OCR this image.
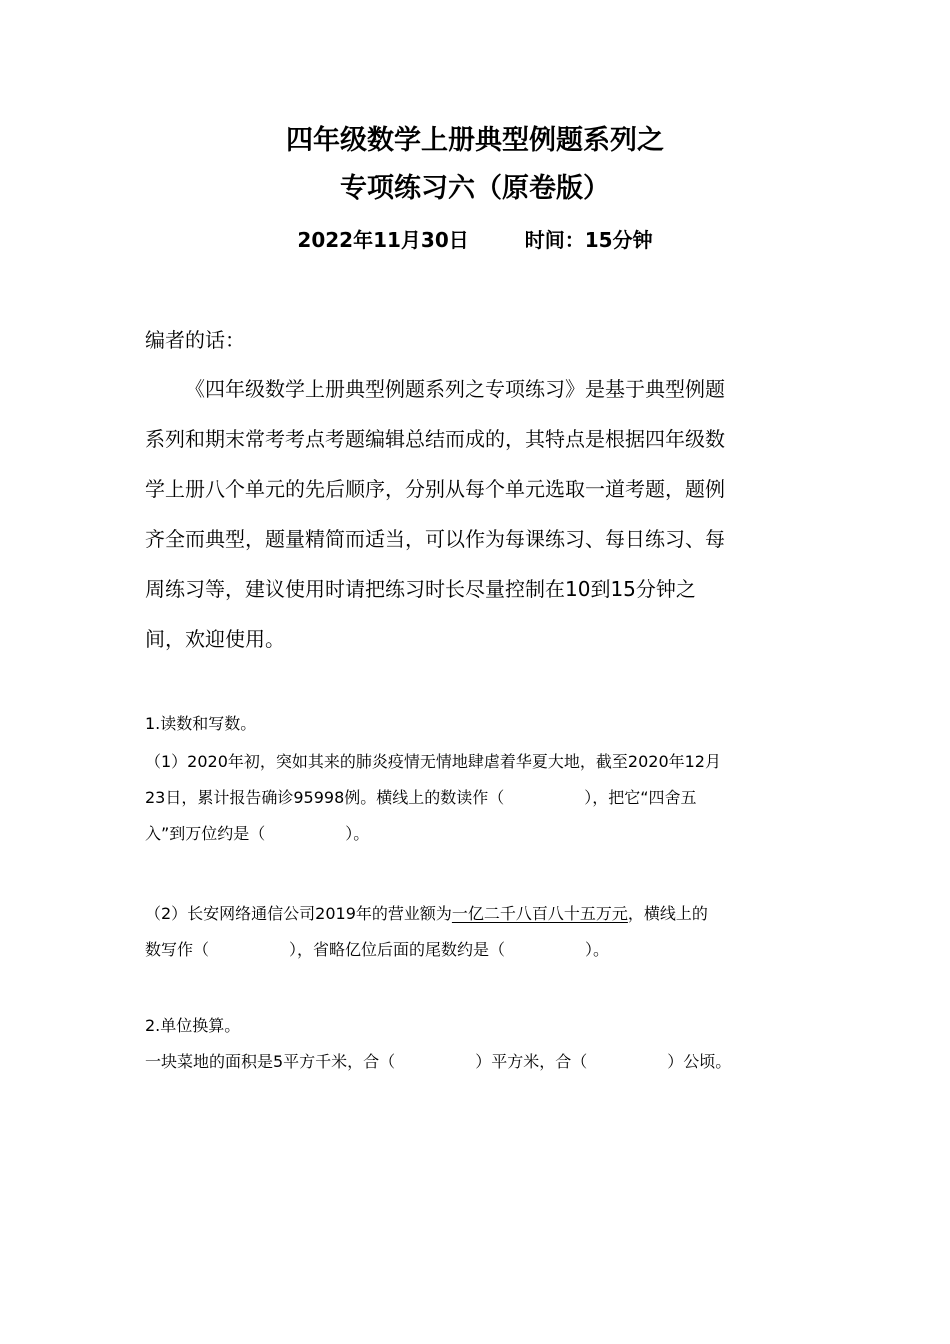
四年级数学上册典型例题系列之
专项练习六（原卷版）
2022年11月30日	时间：15分钟
编者的话：
《四年级数学上册典型例题系列之专项练习》是基于典型例题
系列和期末常考考点考题编辑总结而成的，其特点是根据四年级数
学上册八个单元的先后顺序，分别从每个单元选取一道考题，题例
齐全而典型，题量精简而适当，可以作为每课练习、每日练习、每
周练习等，建议使用时请把练习时长尽量控制在10到15分钟之
间，欢迎使用。
1.读数和写数。
（1）2020年初，突如其来的肺炎疫情无情地肆虐着华夏大地，截至2020年12月
23日，累计报告确诊95998例。横线上的数读作（	），把它“四舍五
入”到万位约是（	）。
（2）长安网络通信公司2019年的营业额为一亿二千八百八十五万元，横线上的
数写作（	），省略亿位后面的尾数约是（	）。
2.单位换算。
一块菜地的面积是5平方千米，合（	）平方米，合（	）公顷。
